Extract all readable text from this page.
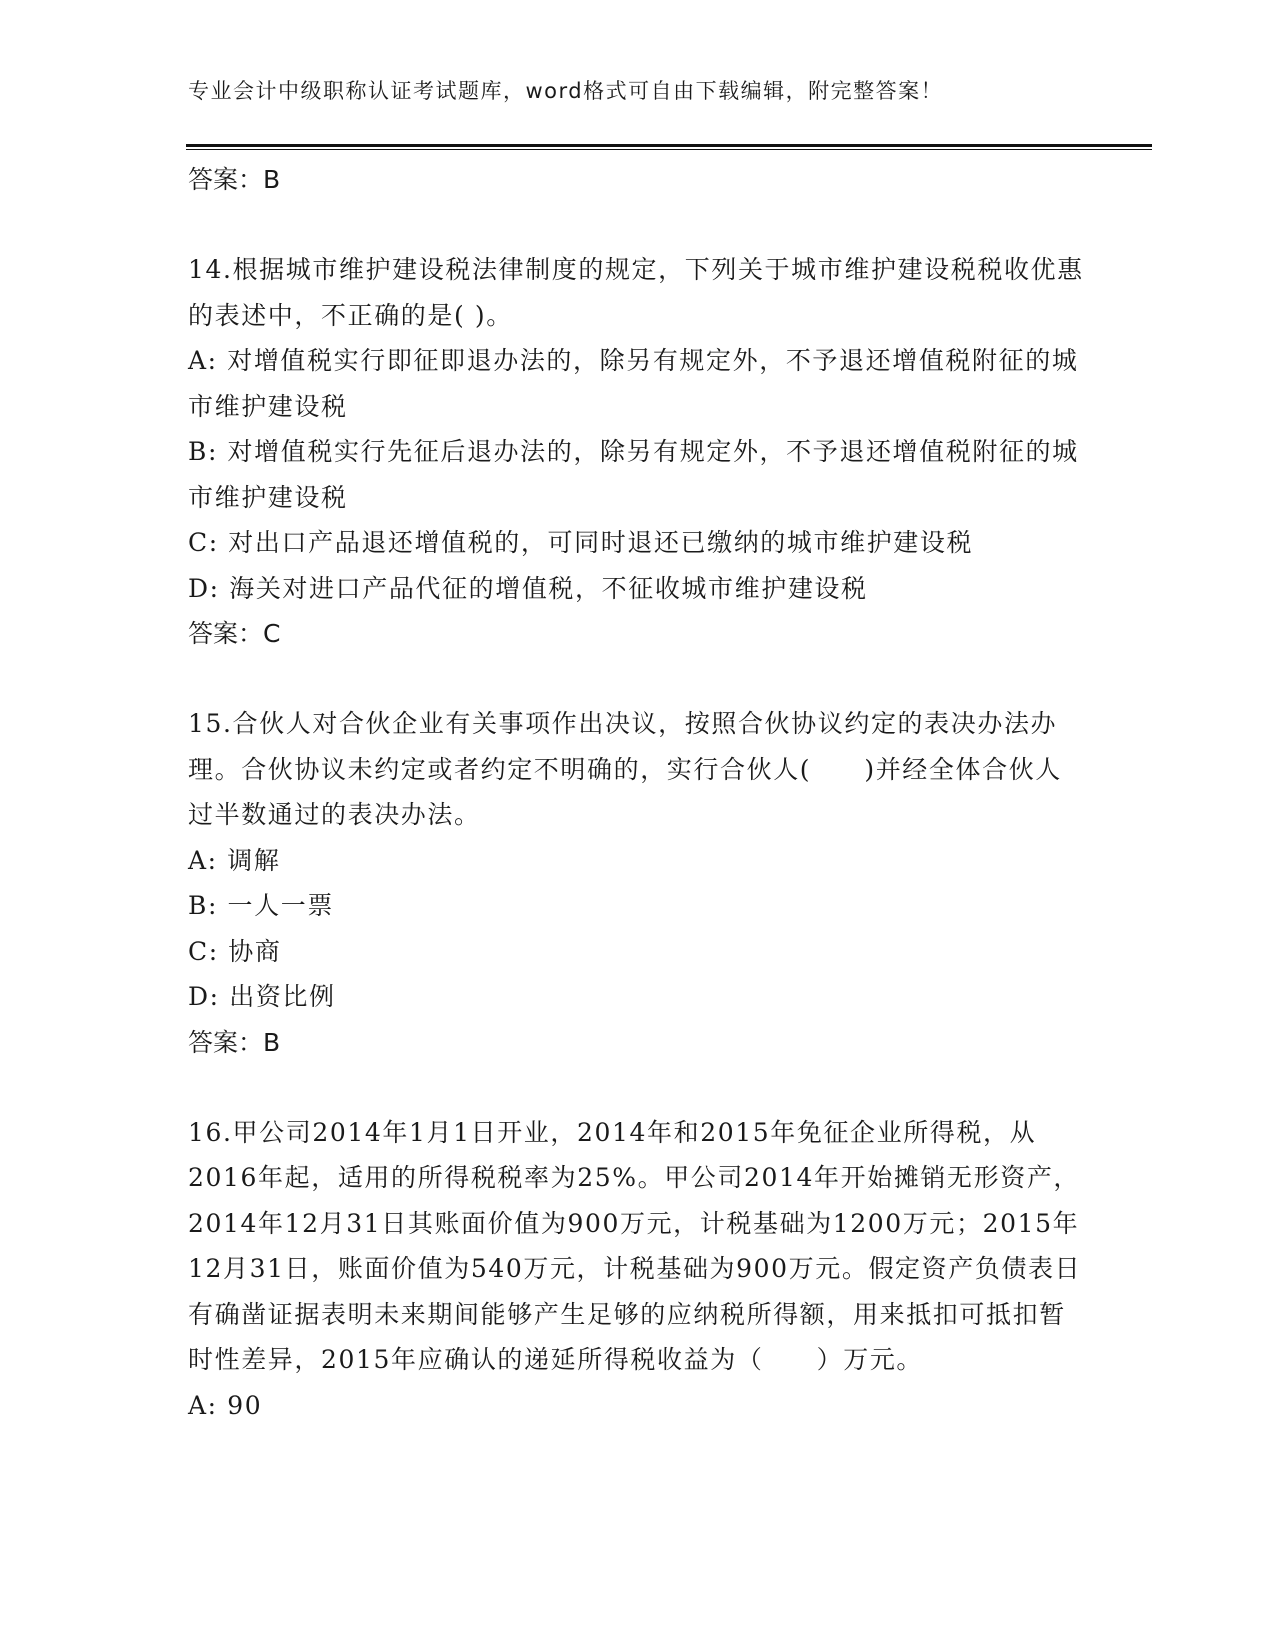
专业会计中级职称认证考试题库，word格式可自由下载编辑，附完整答案！
答案：B
14.根据城市维护建设税法律制度的规定，下列关于城市维护建设税税收优惠的表述中，不正确的是( )。
A: 对增值税实行即征即退办法的，除另有规定外，不予退还增值税附征的城市维护建设税
B: 对增值税实行先征后退办法的，除另有规定外，不予退还增值税附征的城市维护建设税
C: 对出口产品退还增值税的，可同时退还已缴纳的城市维护建设税
D: 海关对进口产品代征的增值税，不征收城市维护建设税
答案：C
15.合伙人对合伙企业有关事项作出决议，按照合伙协议约定的表决办法办理。合伙协议未约定或者约定不明确的，实行合伙人(　　)并经全体合伙人过半数通过的表决办法。
A: 调解
B: 一人一票
C: 协商
D: 出资比例
答案：B
16.甲公司2014年1月1日开业，2014年和2015年免征企业所得税，从2016年起，适用的所得税税率为25%。甲公司2014年开始摊销无形资产，2014年12月31日其账面价值为900万元，计税基础为1200万元；2015年12月31日，账面价值为540万元，计税基础为900万元。假定资产负债表日有确凿证据表明未来期间能够产生足够的应纳税所得额，用来抵扣可抵扣暂时性差异，2015年应确认的递延所得税收益为（　　）万元。
A: 90
